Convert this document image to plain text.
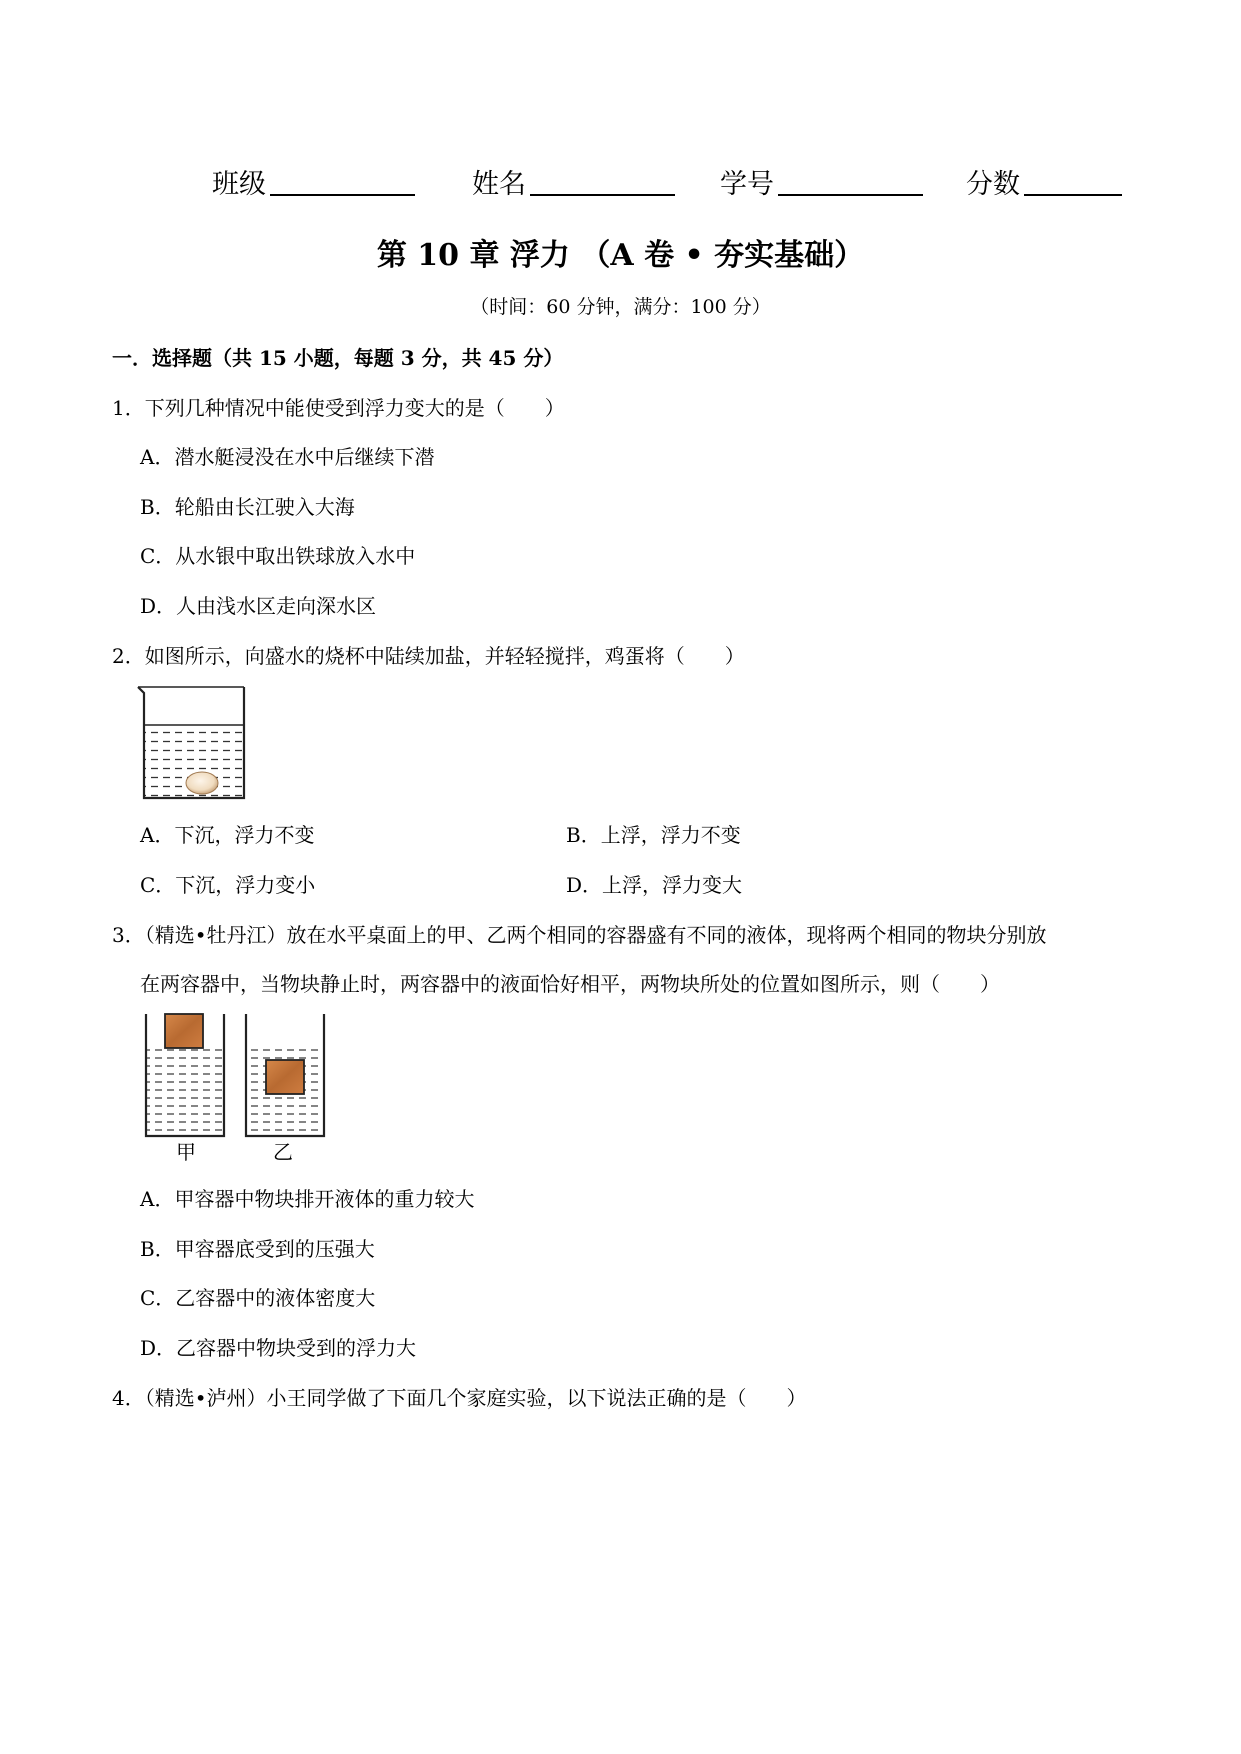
班级	姓名	学号	分数
第 10 章 浮力 （A 卷 • 夯实基础）
（时间：60 分钟，满分：100 分）
一．选择题（共 15 小题，每题 3 分，共 45 分）
1．下列几种情况中能使受到浮力变大的是（　　）
A．潜水艇浸没在水中后继续下潜
B．轮船由长江驶入大海
C．从水银中取出铁球放入水中
D．人由浅水区走向深水区
2．如图所示，向盛水的烧杯中陆续加盐，并轻轻搅拌，鸡蛋将（　　）
A．下沉，浮力不变	B．上浮，浮力不变
C．下沉，浮力变小	D．上浮，浮力变大
3．（精选•牡丹江）放在水平桌面上的甲、乙两个相同的容器盛有不同的液体，现将两个相同的物块分别放
在两容器中，当物块静止时，两容器中的液面恰好相平，两物块所处的位置如图所示，则（　　）
甲	乙
A．甲容器中物块排开液体的重力较大
B．甲容器底受到的压强大
C．乙容器中的液体密度大
D．乙容器中物块受到的浮力大
4．（精选•泸州）小王同学做了下面几个家庭实验，以下说法正确的是（　　）
